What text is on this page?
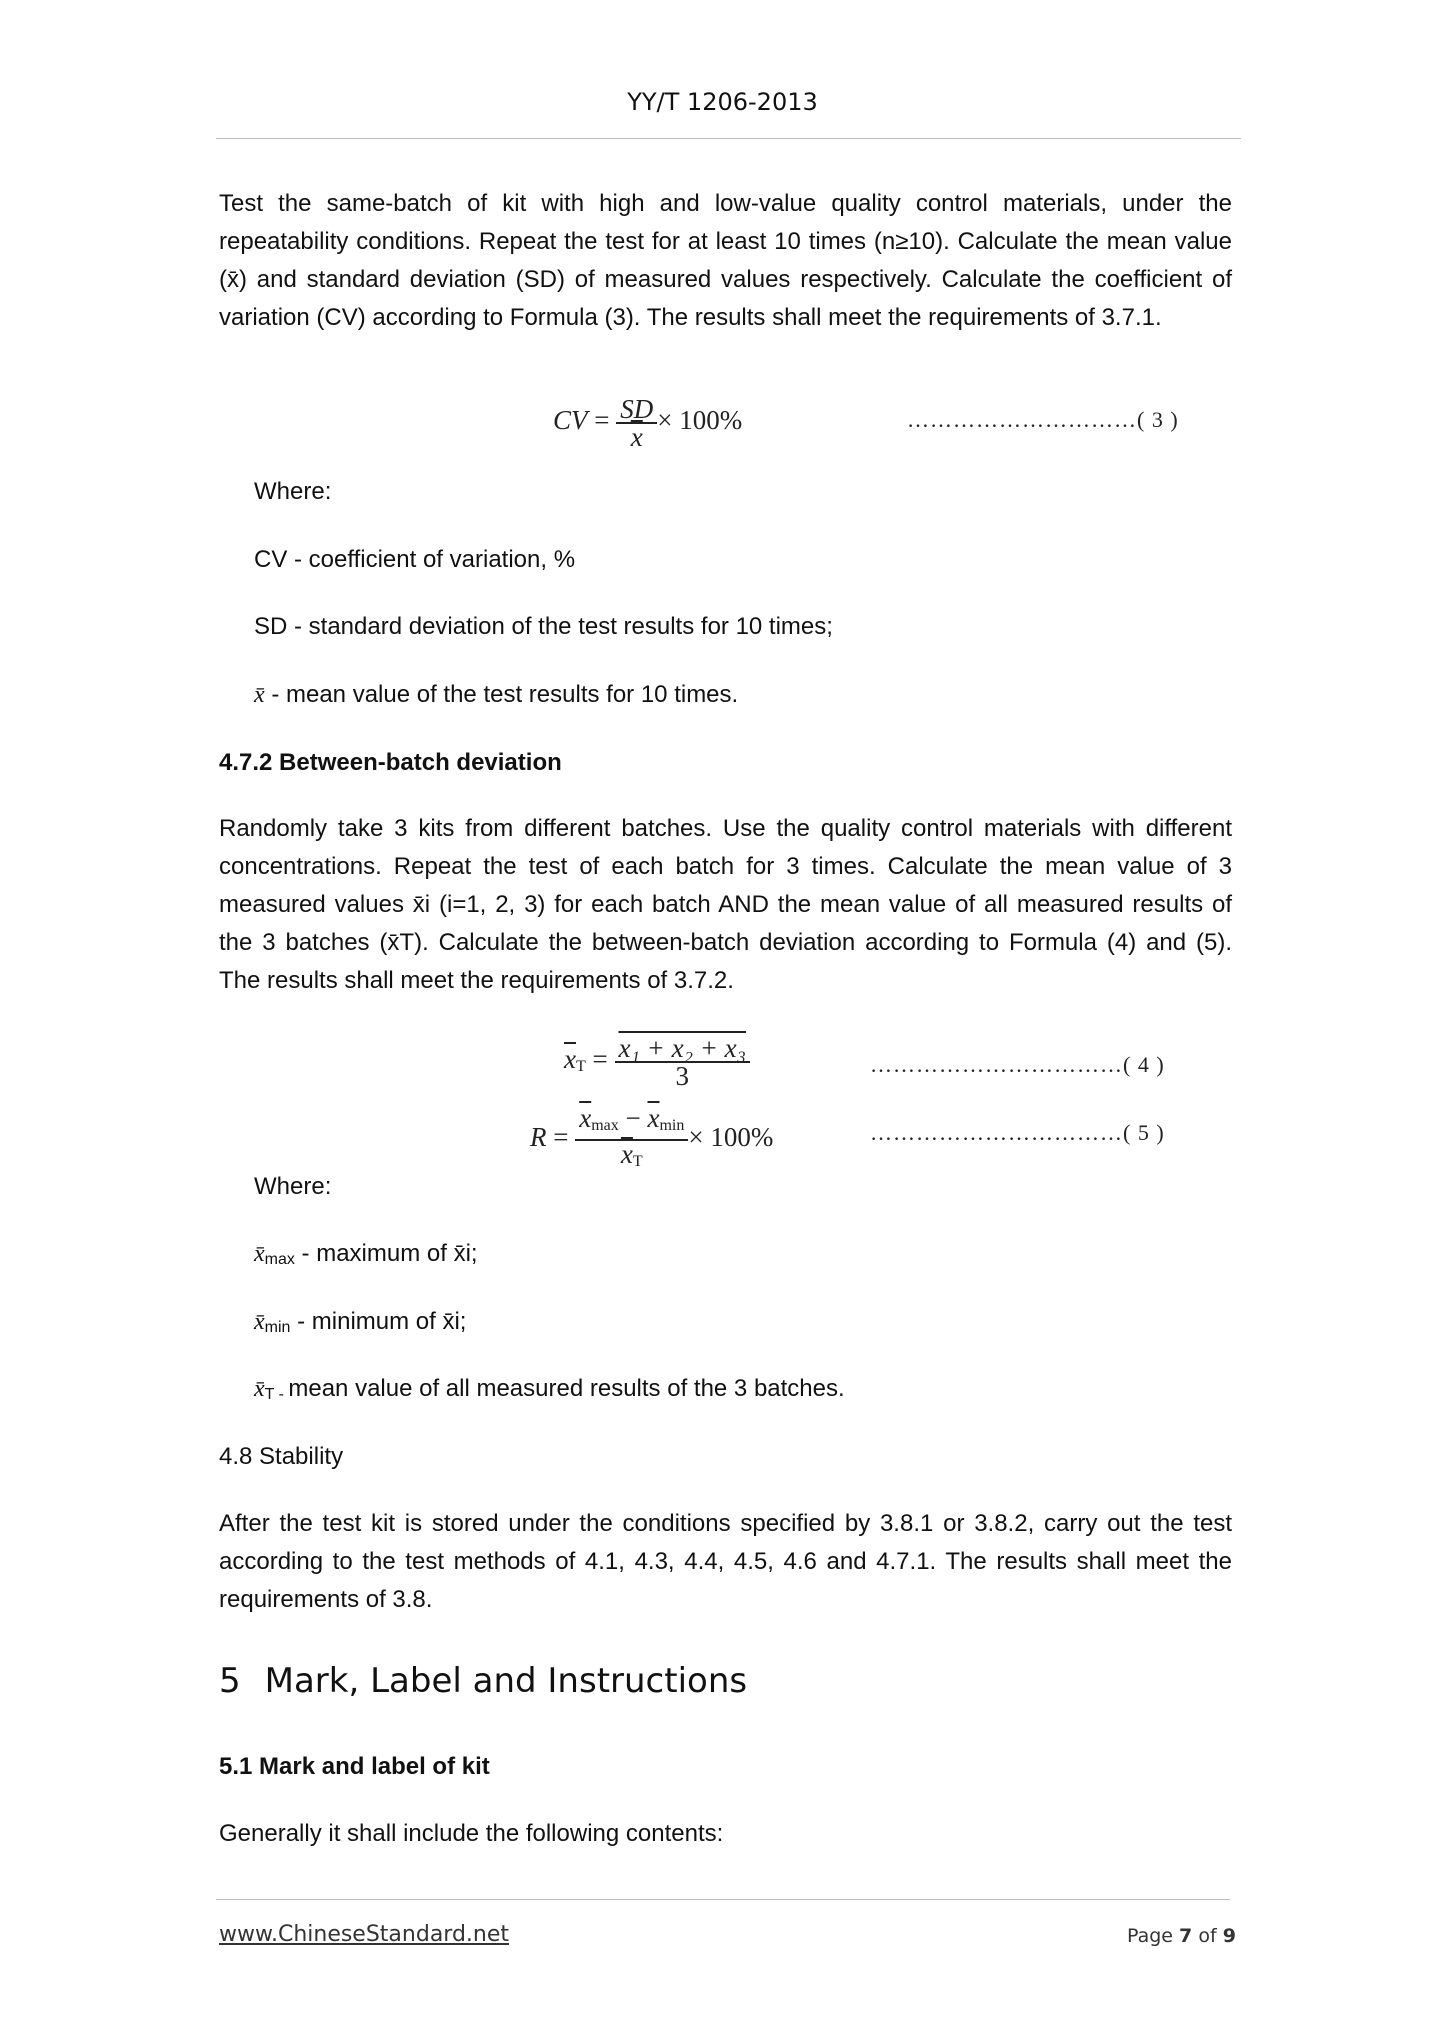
YY/T 1206-2013
Test the same-batch of kit with high and low-value quality control materials, under the repeatability conditions. Repeat the test for at least 10 times (n≥10). Calculate the mean value (x̄) and standard deviation (SD) of measured values respectively. Calculate the coefficient of variation (CV) according to Formula (3). The results shall meet the requirements of 3.7.1.
CV = $\frac{SD}{x} \times 100\%$	…………………………( 3 )
Where:
CV - coefficient of variation, %
SD - standard deviation of the test results for 10 times;
x̄ - mean value of the test results for 10 times.
4.7.2 Between-batch deviation
Randomly take 3 kits from different batches. Use the quality control materials with different concentrations. Repeat the test of each batch for 3 times. Calculate the mean value of 3 measured values x̄i (i=1, 2, 3) for each batch AND the mean value of all measured results of the 3 batches (x̄T). Calculate the between-batch deviation according to Formula (4) and (5). The results shall meet the requirements of 3.7.2.
$\overline{x}T = \frac{\text{x₁ + x₂ + x₃}}{3}$	……………………………( 4 )
$R = \frac{\overline{x}\max - \overline{x}\min}{\overline{x}T} \times 100\%$	……………………………( 5 )
Where:
x̄max - maximum of x̄i;
x̄min - minimum of x̄i;
x̄T - mean value of all measured results of the 3 batches.
4.8 Stability
After the test kit is stored under the conditions specified by 3.8.1 or 3.8.2, carry out the test according to the test methods of 4.1, 4.3, 4.4, 4.5, 4.6 and 4.7.1. The results shall meet the requirements of 3.8.
5 Mark, Label and Instructions
5.1 Mark and label of kit
Generally it shall include the following contents:
www.ChineseStandard.net	Page 7 of 9
